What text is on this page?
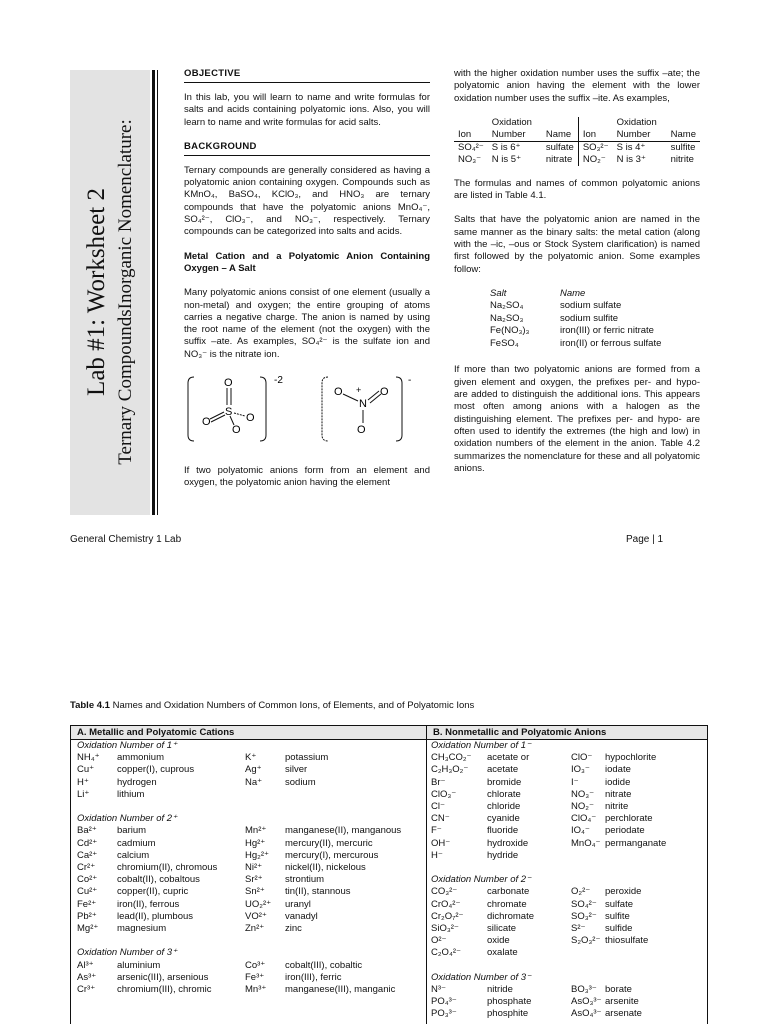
Lab #1: Worksheet 2 Ternary CompoundsInorganic Nomenclature:
OBJECTIVE
In this lab, you will learn to name and write formulas for salts and acids containing polyatomic ions. Also, you will learn to name and write formulas for acid salts.
BACKGROUND
Ternary compounds are generally considered as having a polyatomic anion containing oxygen. Compounds such as KMnO₄, BaSO₄, KClO₃, and HNO₃ are ternary compounds that have the polyatomic anions MnO₄⁻, SO₄²⁻, ClO₃⁻, and NO₃⁻, respectively. Ternary compounds can be categorized into salts and acids.
Metal Cation and a Polyatomic Anion Containing Oxygen – A Salt
Many polyatomic anions consist of one element (usually a non-metal) and oxygen; the entire grouping of atoms carries a negative charge. The anion is named by using the root name of the element (not the oxygen) with the suffix –ate. As examples, SO₄²⁻ is the sulfate ion and NO₃⁻ is the nitrate ion.
-2
S
O
O	O
O
-
O
N
+ O
O
If two polyatomic anions form from an element and oxygen, the polyatomic anion having the element
with the higher oxidation number uses the suffix –ate; the polyatomic anion having the element with the lower oxidation number uses the suffix –ite. As examples,
Ion	Oxidation Number	Name	Ion	Oxidation Number	Name
SO₄²⁻	S is 6⁺	sulfate	SO₃²⁻	S is 4⁺	sulfite
NO₃⁻	N is 5⁺	nitrate	NO₂⁻	N is 3⁺	nitrite
The formulas and names of common polyatomic anions are listed in Table 4.1.
Salts that have the polyatomic anion are named in the same manner as the binary salts: the metal cation (along with the –ic, –ous or Stock System clarification) is named first followed by the polyatomic anion. Some examples follow:
Salt	Name
Na₂SO₄	sodium sulfate
Na₂SO₃	sodium sulfite
Fe(NO₃)₃	iron(III) or ferric nitrate
FeSO₄	iron(II) or ferrous sulfate
If more than two polyatomic anions are formed from a given element and oxygen, the prefixes per- and hypo- are added to distinguish the additional ions. This appears most often among anions with a halogen as the distinguishing element. The prefixes per- and hypo- are often used to identify the extremes (the high and low) in oxidation numbers of the element in the anion. Table 4.2 summarizes the nomenclature for these and all polyatomic anions.
General Chemistry 1 Lab	Page | 1
Table 4.1 Names and Oxidation Numbers of Common Ions, of Elements, and of Polyatomic Ions
A. Metallic and Polyatomic Cations	B. Nonmetallic and Polyatomic Anions
Oxidation Number of 1⁺
NH₄⁺	ammonium	K⁺	potassium
Cu⁺	copper(I), cuprous	Ag⁺	silver
H⁺	hydrogen	Na⁺	sodium
Li⁺	lithium
Oxidation Number of 2⁺
Ba²⁺	barium	Mn²⁺	manganese(II), manganous
Cd²⁺	cadmium	Hg²⁺	mercury(II), mercuric
Ca²⁺	calcium	Hg₂²⁺	mercury(I), mercurous
Cr²⁺	chromium(II), chromous	Ni²⁺	nickel(II), nickelous
Co²⁺	cobalt(II), cobaltous	Sr²⁺	strontium
Cu²⁺	copper(II), cupric	Sn²⁺	tin(II), stannous
Fe²⁺	iron(II), ferrous	UO₂²⁺	uranyl
Pb²⁺	lead(II), plumbous	VO²⁺	vanadyl
Mg²⁺	magnesium	Zn²⁺	zinc
Oxidation Number of 3⁺
Al³⁺	aluminium	Co³⁺	cobalt(III), cobaltic
As³⁺	arsenic(III), arsenious	Fe³⁺	iron(III), ferric
Cr³⁺	chromium(III), chromic	Mn³⁺	manganese(III), manganic
Oxidation Number of 1⁻
CH₃CO₂⁻	acetate or	ClO⁻	hypochlorite
C₂H₃O₂⁻	acetate	IO₃⁻	iodate
Br⁻	bromide	I⁻	iodide
ClO₃⁻	chlorate	NO₃⁻	nitrate
Cl⁻	chloride	NO₂⁻	nitrite
CN⁻	cyanide	ClO₄⁻ perchlorate
F⁻	fluoride	IO₄⁻	periodate
OH⁻	hydroxide	MnO₄⁻ permanganate
H⁻	hydride
Oxidation Number of 2⁻
CO₃²⁻	carbonate	O₂²⁻	peroxide
CrO₄²⁻	chromate	SO₄²⁻ sulfate
Cr₂O₇²⁻	dichromate	SO₃²⁻ sulfite
SiO₃²⁻	silicate	S²⁻	sulfide
O²⁻	oxide	S₂O₃²⁻ thiosulfate
C₂O₄²⁻	oxalate
Oxidation Number of 3⁻
N³⁻	nitride	BO₃³⁻ borate
PO₄³⁻	phosphate	AsO₃³⁻ arsenite
PO₃³⁻	phosphite	AsO₄³⁻ arsenate
